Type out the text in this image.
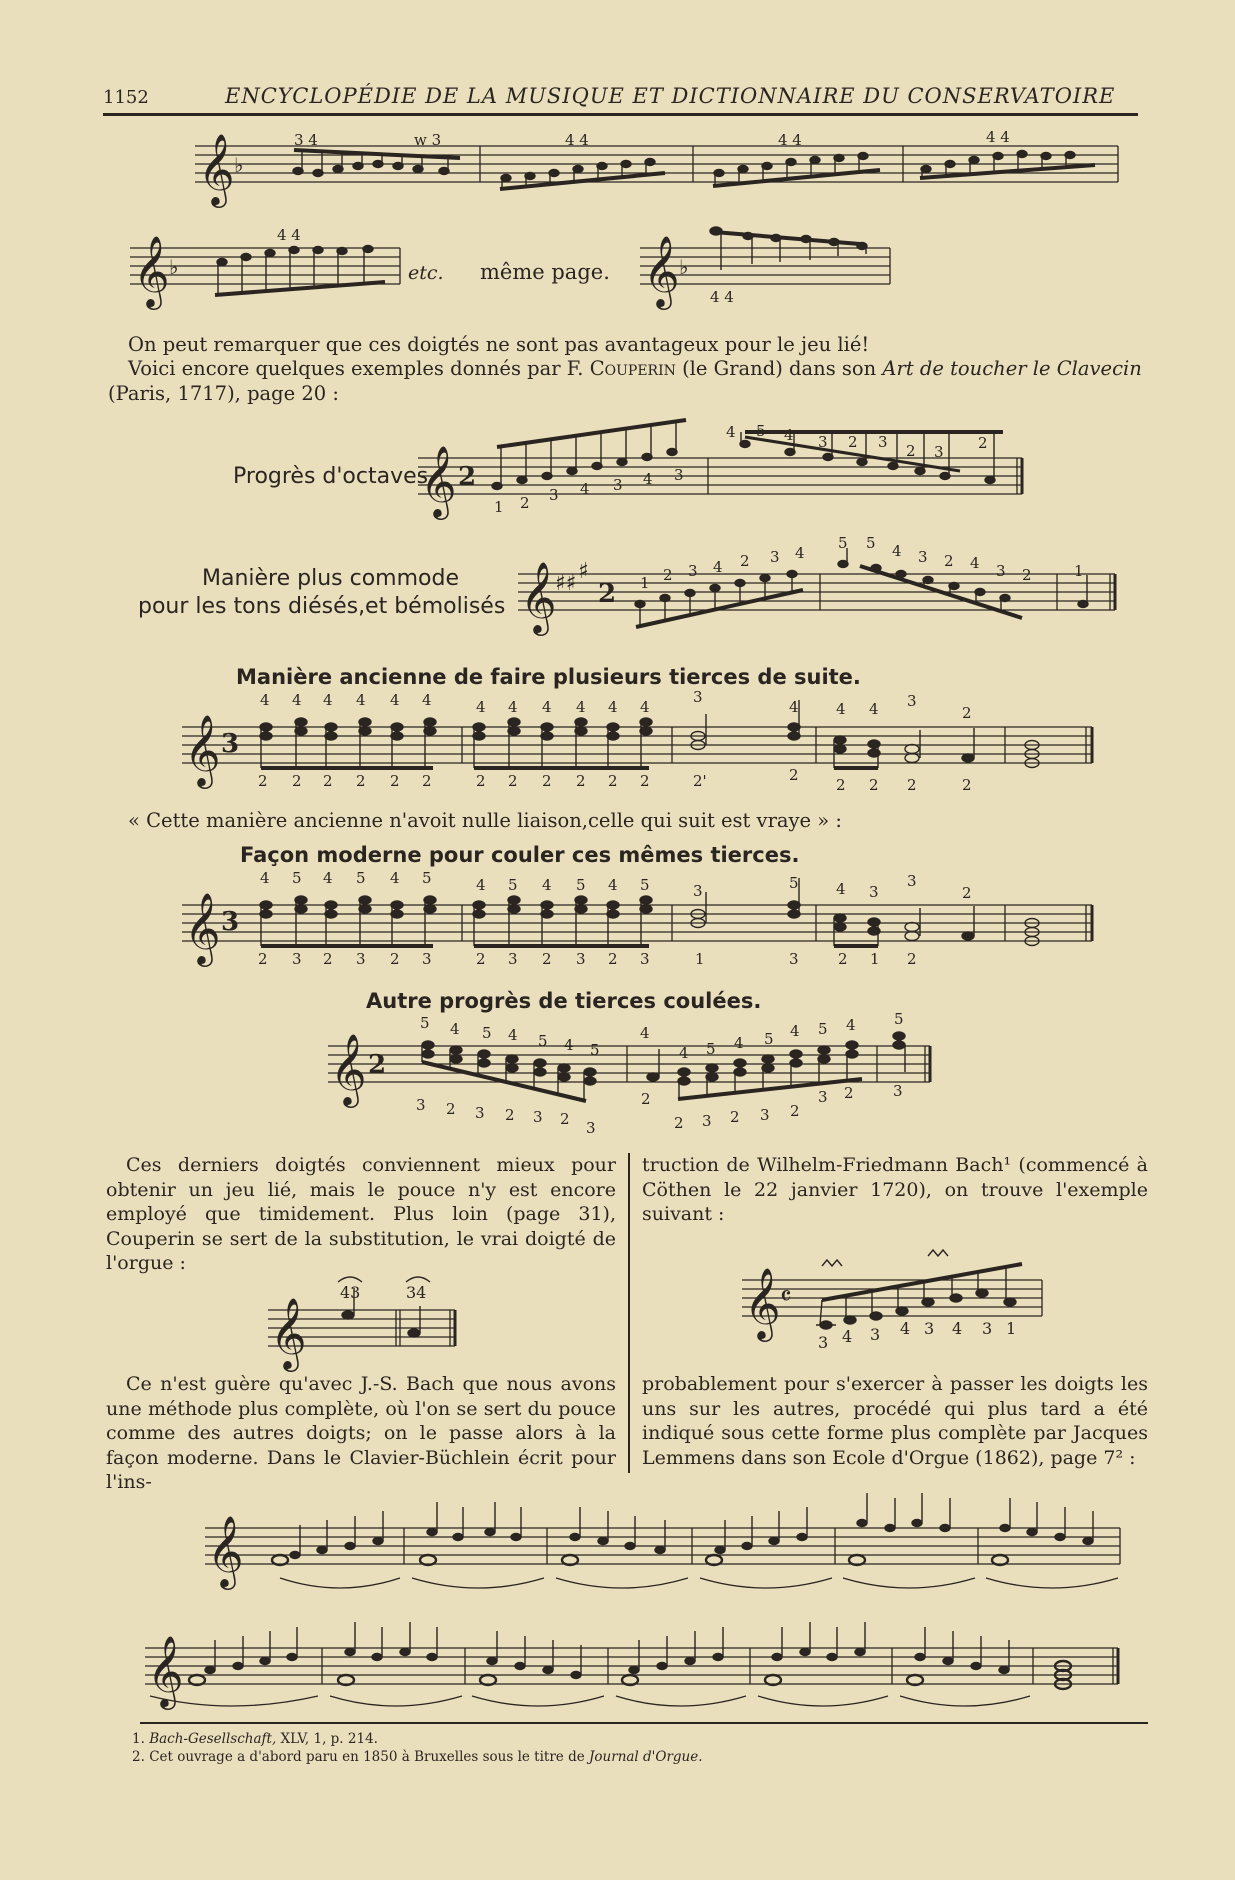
1152	ENCYCLOPÉDIE DE LA MUSIQUE ET DICTIONNAIRE DU CONSERVATOIRE
𝄞
𝄞	𝄞
♭
♭	♭
3 4	w 3	4 4	4 4	4 4
4 4
4 4
etc. même page.
On peut remarquer que ces doigtés ne sont pas avantageux pour le jeu lié!
Voici encore quelques exemples donnés par F. Couperin (le Grand) dans son Art de toucher le Clavecin (Paris, 1717), page 20 :
Progrès d'octaves
𝄞 2
1 2 3 4 3 4 3
4 5 4 3 2 3 2 3 2
Manière plus commode
pour les tons diésés,et bémolisés 𝄞
♯♯ ♯
2 1 2 3 4 2 3 4
5 5 4 3 2 4 3 2	1
Manière ancienne de faire plusieurs tierces de suite.
𝄞 3
4 4 4 4 4 4	4 4 4 4 4 4
3
4 4 4 3
2
2 2 2 2 2 2	2 2 2 2 2 2	2'	2
2 2 2	2
« Cette manière ancienne n'avoit nulle liaison,celle qui suit est vraye » :
Façon moderne pour couler ces mêmes tierces.
𝄞 3
4 5 4 5 4 5	4 5 4 5 4 5	3	5 4 3
3
2
2 3 2 3 2 3	2 3 2 3 2 3	1	3	2 1 2
Autre progrès de tierces coulées.
𝄞 2
5 4 5 4 5 4 5
4
4 5 4 5 4 5 4	5
3 2 3 2 3 2 3
2
2 3 2 3 2
3 2	3
Ces derniers doigtés conviennent mieux pour obtenir un jeu lié, mais le pouce n'y est encore employé que timidement. Plus loin (page 31), Couperin se sert de la substitution, le vrai doigté de l'orgue :
truction de Wilhelm-Friedmann Bach¹ (commencé à Cöthen le 22 janvier 1720), on trouve l'exemple suivant :
𝄞
43	34	𝄞 𝄴
3 4 3 4 3 4 3 1
Ce n'est guère qu'avec J.-S. Bach que nous avons une méthode plus complète, où l'on se sert du pouce comme des autres doigts; on le passe alors à la façon moderne. Dans le Clavier-Büchlein écrit pour l'ins-
probablement pour s'exercer à passer les doigts les uns sur les autres, procédé qui plus tard a été indiqué sous cette forme plus complète par Jacques Lemmens dans son Ecole d'Orgue (1862), page 7² :
𝄞
𝄞
1. Bach-Gesellschaft, XLV, 1, p. 214.
2. Cet ouvrage a d'abord paru en 1850 à Bruxelles sous le titre de Journal d'Orgue.
